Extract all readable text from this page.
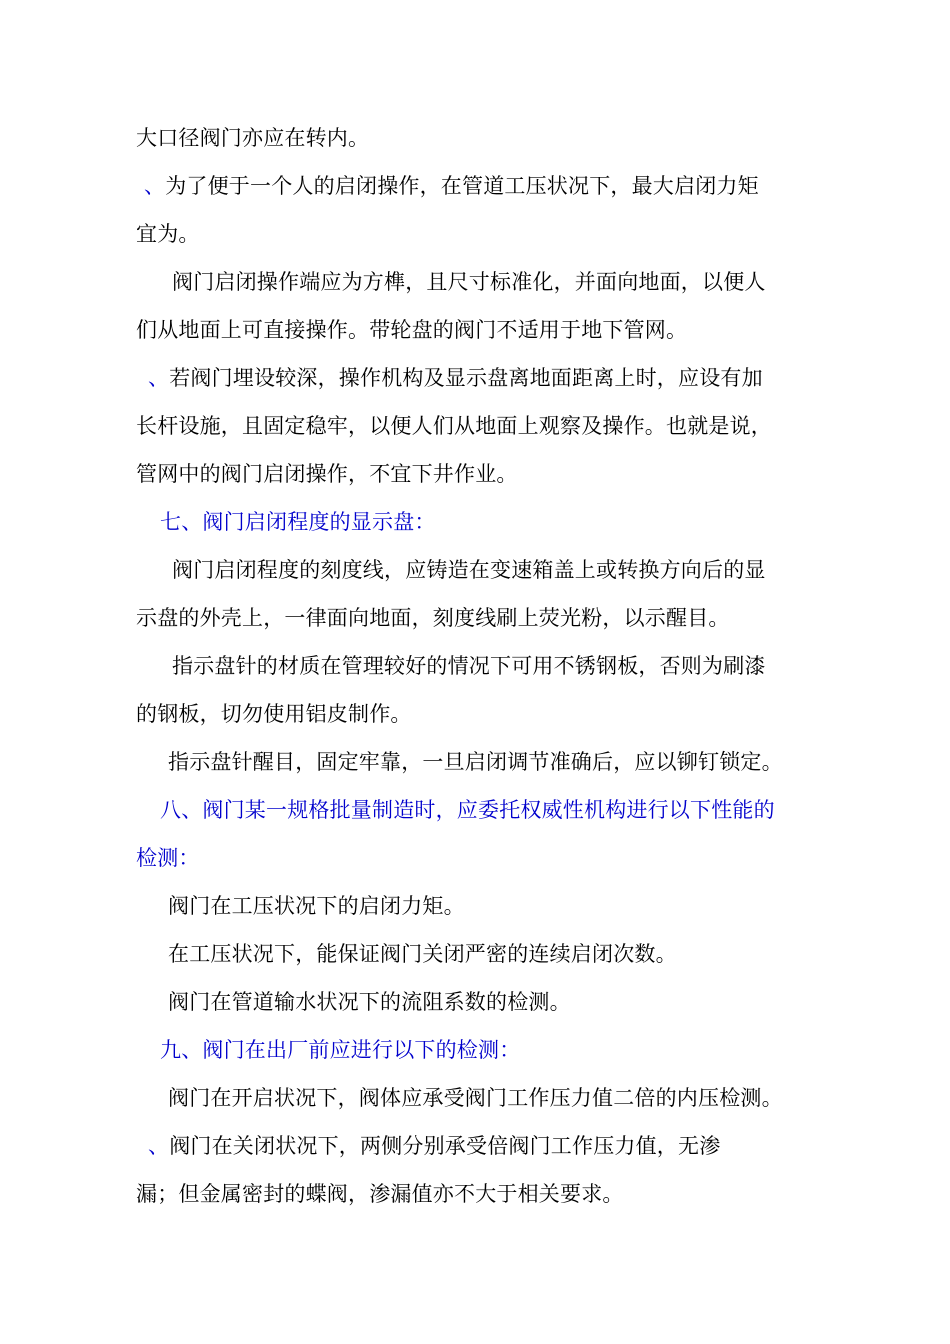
大口径阀门亦应在转内。
、为了便于一个人的启闭操作，在管道工压状况下，最大启闭力矩
宜为。
阀门启闭操作端应为方榫，且尺寸标准化，并面向地面，以便人
们从地面上可直接操作。带轮盘的阀门不适用于地下管网。
、若阀门埋设较深，操作机构及显示盘离地面距离上时，应设有加
长杆设施，且固定稳牢，以便人们从地面上观察及操作。也就是说，
管网中的阀门启闭操作，不宜下井作业。
七、阀门启闭程度的显示盘：
阀门启闭程度的刻度线，应铸造在变速箱盖上或转换方向后的显
示盘的外壳上，一律面向地面，刻度线刷上荧光粉，以示醒目。
指示盘针的材质在管理较好的情况下可用不锈钢板，否则为刷漆
的钢板，切勿使用铝皮制作。
指示盘针醒目，固定牢靠，一旦启闭调节准确后，应以铆钉锁定。
八、阀门某一规格批量制造时，应委托权威性机构进行以下性能的
检测：
阀门在工压状况下的启闭力矩。
在工压状况下，能保证阀门关闭严密的连续启闭次数。
阀门在管道输水状况下的流阻系数的检测。
九、阀门在出厂前应进行以下的检测：
阀门在开启状况下，阀体应承受阀门工作压力值二倍的内压检测。
、阀门在关闭状况下，两侧分别承受倍阀门工作压力值，无渗
漏；但金属密封的蝶阀，渗漏值亦不大于相关要求。
